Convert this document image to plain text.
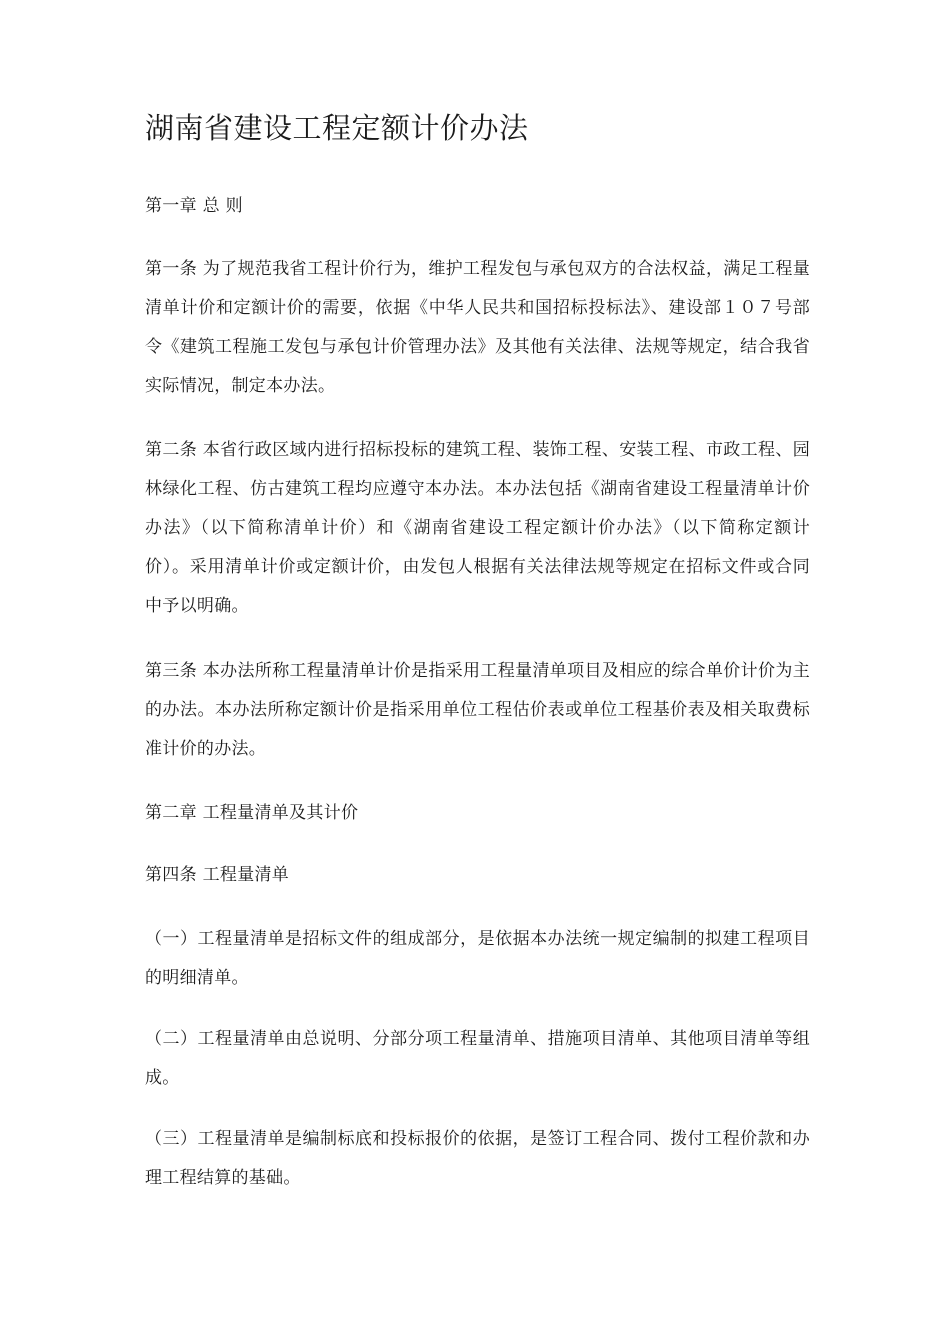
湖南省建设工程定额计价办法

第一章 总 则

第一条 为了规范我省工程计价行为，维护工程发包与承包双方的合法权益，满足工程量清单计价和定额计价的需要，依据《中华人民共和国招标投标法》、建设部１０７号部令《建筑工程施工发包与承包计价管理办法》及其他有关法律、法规等规定，结合我省实际情况，制定本办法。

第二条 本省行政区域内进行招标投标的建筑工程、装饰工程、安装工程、市政工程、园林绿化工程、仿古建筑工程均应遵守本办法。本办法包括《湖南省建设工程量清单计价办法》（以下简称清单计价）和《湖南省建设工程定额计价办法》（以下简称定额计价）。采用清单计价或定额计价，由发包人根据有关法律法规等规定在招标文件或合同中予以明确。

第三条 本办法所称工程量清单计价是指采用工程量清单项目及相应的综合单价计价为主的办法。本办法所称定额计价是指采用单位工程估价表或单位工程基价表及相关取费标准计价的办法。

第二章 工程量清单及其计价

第四条 工程量清单

（一）工程量清单是招标文件的组成部分，是依据本办法统一规定编制的拟建工程项目的明细清单。

（二）工程量清单由总说明、分部分项工程量清单、措施项目清单、其他项目清单等组成。

（三）工程量清单是编制标底和投标报价的依据，是签订工程合同、拨付工程价款和办理工程结算的基础。
